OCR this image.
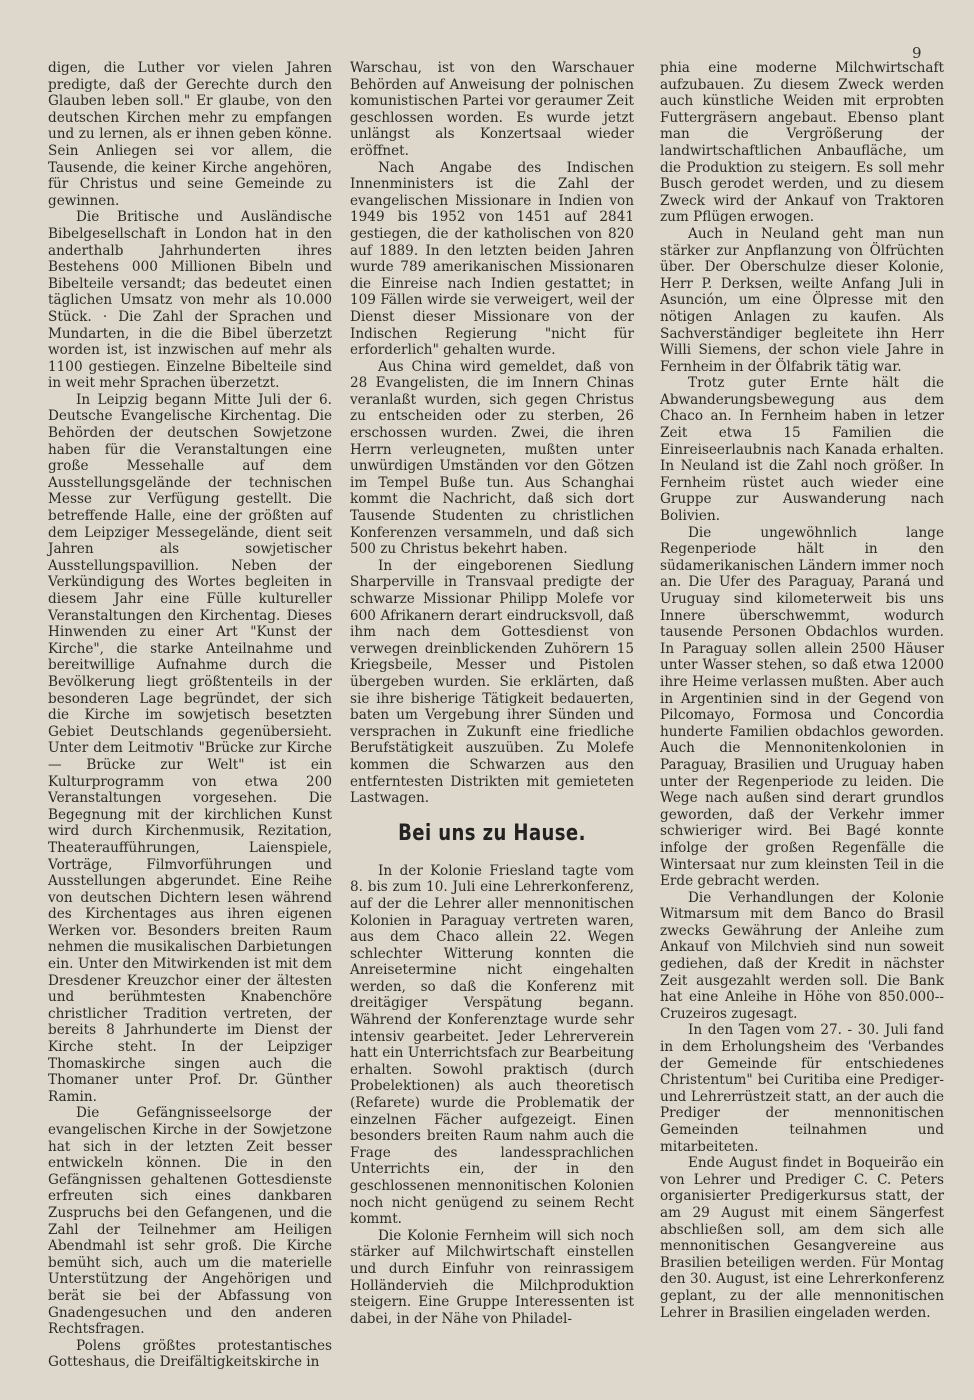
9

digen, die Luther vor vielen Jahren predigte, daß der Gerechte durch den Glauben leben soll." Er glaube, von den deutschen Kirchen mehr zu empfangen und zu lernen, als er ihnen geben könne. Sein Anliegen sei vor allem, die Tausende, die keiner Kirche angehören, für Christus und seine Gemeinde zu gewinnen.

Die Britische und Ausländische Bibelgesellschaft in London hat in den anderthalb Jahrhunderten ihres Bestehens 000 Millionen Bibeln und Bibelteile versandt; das bedeutet einen täglichen Umsatz von mehr als 10.000 Stück. · Die Zahl der Sprachen und Mundarten, in die die Bibel überzetzt worden ist, ist inzwischen auf mehr als 1100 gestiegen. Einzelne Bibelteile sind in weit mehr Sprachen überzetzt.

In Leipzig begann Mitte Juli der 6. Deutsche Evangelische Kirchentag. Die Behörden der deutschen Sowjetzone haben für die Veranstaltungen eine große Messehalle auf dem Ausstellungsgelände der technischen Messe zur Verfügung gestellt. Die betreffende Halle, eine der größten auf dem Leipziger Messegelände, dient seit Jahren als sowjetischer Ausstellungspavillion. Neben der Verkündigung des Wortes begleiten in diesem Jahr eine Fülle kultureller Veranstaltungen den Kirchentag. Dieses Hinwenden zu einer Art "Kunst der Kirche", die starke Anteilnahme und bereitwillige Aufnahme durch die Bevölkerung liegt größtenteils in der besonderen Lage begründet, der sich die Kirche im sowjetisch besetzten Gebiet Deutschlands gegenübersieht. Unter dem Leitmotiv "Brücke zur Kirche — Brücke zur Welt" ist ein Kulturprogramm von etwa 200 Veranstaltungen vorgesehen. Die Begegnung mit der kirchlichen Kunst wird durch Kirchenmusik, Rezitation, Theateraufführungen, Laienspiele, Vorträge, Filmvorführungen und Ausstellungen abgerundet. Eine Reihe von deutschen Dichtern lesen während des Kirchentages aus ihren eigenen Werken vor. Besonders breiten Raum nehmen die musikalischen Darbietungen ein. Unter den Mitwirkenden ist mit dem Dresdener Kreuzchor einer der ältesten und berühmtesten Knabenchöre christlicher Tradition vertreten, der bereits 8 Jahrhunderte im Dienst der Kirche steht. In der Leipziger Thomaskirche singen auch die Thomaner unter Prof. Dr. Günther Ramin.

Die Gefängnisseelsorge der evangelischen Kirche in der Sowjetzone hat sich in der letzten Zeit besser entwickeln können. Die in den Gefängnissen gehaltenen Gottesdienste erfreuten sich eines dankbaren Zuspruchs bei den Gefangenen, und die Zahl der Teilnehmer am Heiligen Abendmahl ist sehr groß. Die Kirche bemüht sich, auch um die materielle Unterstützung der Angehörigen und berät sie bei der Abfassung von Gnadengesuchen und den anderen Rechtsfragen.

Polens größtes protestantisches Gotteshaus, die Dreifältigkeitskirche in

Warschau, ist von den Warschauer Behörden auf Anweisung der polnischen komunistischen Partei vor geraumer Zeit geschlossen worden. Es wurde jetzt unlängst als Konzertsaal wieder eröffnet.

Nach Angabe des Indischen Innenministers ist die Zahl der evangelischen Missionare in Indien von 1949 bis 1952 von 1451 auf 2841 gestiegen, die der katholischen von 820 auf 1889. In den letzten beiden Jahren wurde 789 amerikanischen Missionaren die Einreise nach Indien gestattet; in 109 Fällen wirde sie verweigert, weil der Dienst dieser Missionare von der Indischen Regierung "nicht für erforderlich" gehalten wurde.

Aus China wird gemeldet, daß von 28 Evangelisten, die im Innern Chinas veranlaßt wurden, sich gegen Christus zu entscheiden oder zu sterben, 26 erschossen wurden. Zwei, die ihren Herrn verleugneten, mußten unter unwürdigen Umständen vor den Götzen im Tempel Buße tun. Aus Schanghai kommt die Nachricht, daß sich dort Tausende Studenten zu christlichen Konferenzen versammeln, und daß sich 500 zu Christus bekehrt haben.

In der eingeborenen Siedlung Sharperville in Transvaal predigte der schwarze Missionar Philipp Molefe vor 600 Afrikanern derart eindrucksvoll, daß ihm nach dem Gottesdienst von verwegen dreinblickenden Zuhörern 15 Kriegsbeile, Messer und Pistolen übergeben wurden. Sie erklärten, daß sie ihre bisherige Tätigkeit bedauerten, baten um Vergebung ihrer Sünden und versprachen in Zukunft eine friedliche Berufstätigkeit auszuüben. Zu Molefe kommen die Schwarzen aus den entferntesten Distrikten mit gemieteten Lastwagen.

Bei uns zu Hause.

In der Kolonie Friesland tagte vom 8. bis zum 10. Juli eine Lehrerkonferenz, auf der die Lehrer aller mennonitischen Kolonien in Paraguay vertreten waren, aus dem Chaco allein 22. Wegen schlechter Witterung konnten die Anreisetermine nicht eingehalten werden, so daß die Konferenz mit dreitägiger Verspätung begann. Während der Konferenztage wurde sehr intensiv gearbeitet. Jeder Lehrerverein hatt ein Unterrichtsfach zur Bearbeitung erhalten. Sowohl praktisch (durch Probelektionen) als auch theoretisch (Refarete) wurde die Problematik der einzelnen Fächer aufgezeigt. Einen besonders breiten Raum nahm auch die Frage des landessprachlichen Unterrichts ein, der in den geschlossenen mennonitischen Kolonien noch nicht genügend zu seinem Recht kommt.

Die Kolonie Fernheim will sich noch stärker auf Milchwirtschaft einstellen und durch Einfuhr von reinrassigem Holländervieh die Milchproduktion steigern. Eine Gruppe Interessenten ist dabei, in der Nähe von Philadel-

phia eine moderne Milchwirtschaft aufzubauen. Zu diesem Zweck werden auch künstliche Weiden mit erprobten Futtergräsern angebaut. Ebenso plant man die Vergrößerung der landwirtschaftlichen Anbaufläche, um die Produktion zu steigern. Es soll mehr Busch gerodet werden, und zu diesem Zweck wird der Ankauf von Traktoren zum Pflügen erwogen.

Auch in Neuland geht man nun stärker zur Anpflanzung von Ölfrüchten über. Der Oberschulze dieser Kolonie, Herr P. Derksen, weilte Anfang Juli in Asunción, um eine Ölpresse mit den nötigen Anlagen zu kaufen. Als Sachverständiger begleitete ihn Herr Willi Siemens, der schon viele Jahre in Fernheim in der Ölfabrik tätig war.

Trotz guter Ernte hält die Abwanderungsbewegung aus dem Chaco an. In Fernheim haben in letzer Zeit etwa 15 Familien die Einreiseerlaubnis nach Kanada erhalten. In Neuland ist die Zahl noch größer. In Fernheim rüstet auch wieder eine Gruppe zur Auswanderung nach Bolivien.

Die ungewöhnlich lange Regenperiode hält in den südamerikanischen Ländern immer noch an. Die Ufer des Paraguay, Paraná und Uruguay sind kilometerweit bis uns Innere überschwemmt, wodurch tausende Personen Obdachlos wurden. In Paraguay sollen allein 2500 Häuser unter Wasser stehen, so daß etwa 12000 ihre Heime verlassen mußten. Aber auch in Argentinien sind in der Gegend von Pilcomayo, Formosa und Concordia hunderte Familien obdachlos geworden. Auch die Mennonitenkolonien in Paraguay, Brasilien und Uruguay haben unter der Regenperiode zu leiden. Die Wege nach außen sind derart grundlos geworden, daß der Verkehr immer schwieriger wird. Bei Bagé konnte infolge der großen Regenfälle die Wintersaat nur zum kleinsten Teil in die Erde gebracht werden.

Die Verhandlungen der Kolonie Witmarsum mit dem Banco do Brasil zwecks Gewährung der Anleihe zum Ankauf von Milchvieh sind nun soweit gediehen, daß der Kredit in nächster Zeit ausgezahlt werden soll. Die Bank hat eine Anleihe in Höhe von 850.000-- Cruzeiros zugesagt.

In den Tagen vom 27. - 30. Juli fand in dem Erholungsheim des 'Verbandes der Gemeinde für entschiedenes Christentum" bei Curitiba eine Prediger- und Lehrerrüstzeit statt, an der auch die Prediger der mennonitischen Gemeinden teilnahmen und mitarbeiteten.

Ende August findet in Boqueirão ein von Lehrer und Prediger C. C. Peters organisierter Predigerkursus statt, der am 29 August mit einem Sängerfest abschließen soll, am dem sich alle mennonitischen Gesangvereine aus Brasilien beteiligen werden. Für Montag den 30. August, ist eine Lehrerkonferenz geplant, zu der alle mennonitischen Lehrer in Brasilien eingeladen werden.
